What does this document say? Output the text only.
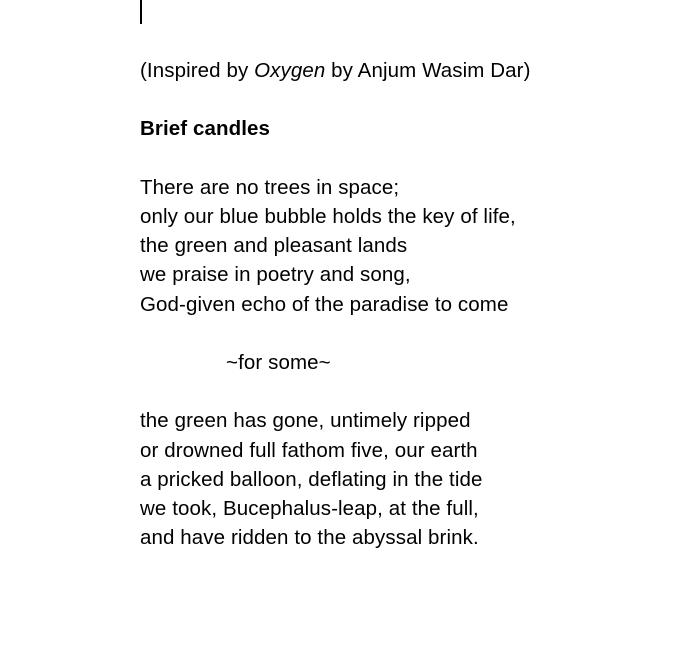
(Inspired by Oxygen by Anjum Wasim Dar)

Brief candles

There are no trees in space;
only our blue bubble holds the key of life,
the green and pleasant lands
we praise in poetry and song,
God-given echo of the paradise to come

~for some~

the green has gone, untimely ripped
or drowned full fathom five, our earth
a pricked balloon, deflating in the tide
we took, Bucephalus-leap, at the full,
and have ridden to the abyssal brink.
